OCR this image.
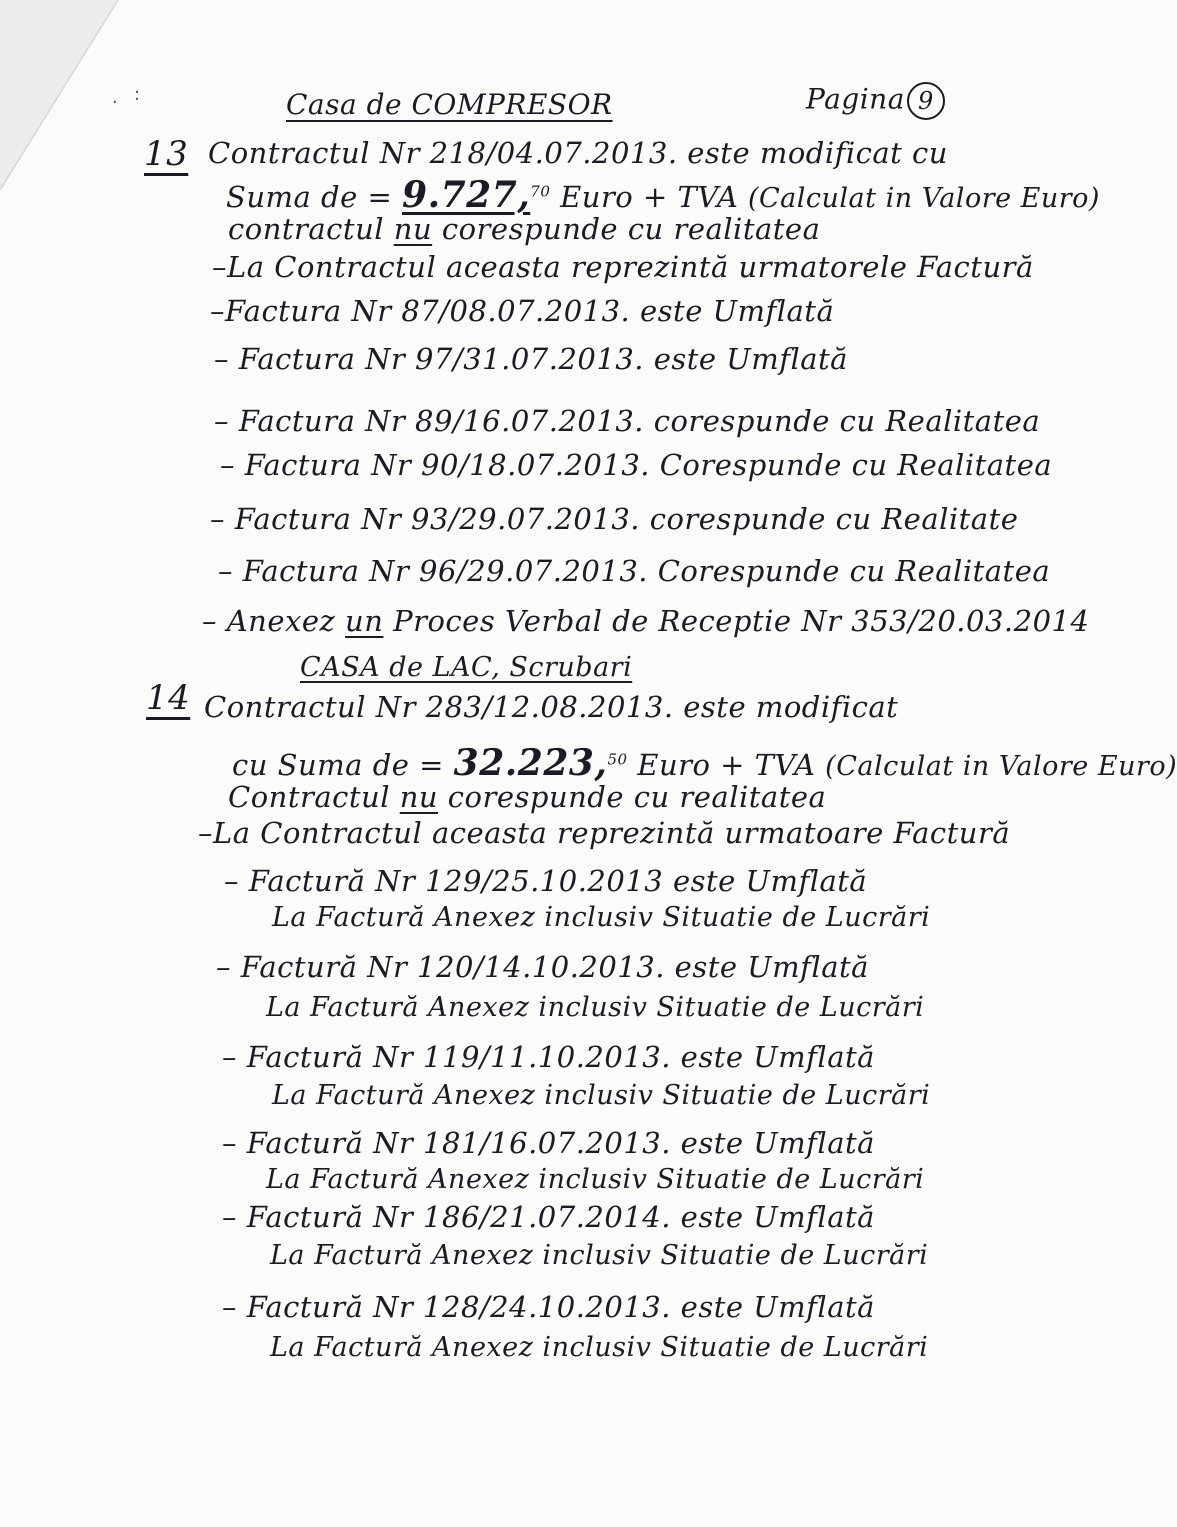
:
·	Casa de COMPRESOR	Pagina 9
13 Contractul Nr 218/04.07.2013. este modificat cu
Suma de = 9.727,70 Euro + TVA (Calculat in Valore Euro)
contractul nu corespunde cu realitatea
–La Contractul aceasta reprezintă urmatorele Factură
–Factura Nr 87/08.07.2013. este Umflată
– Factura Nr 97/31.07.2013. este Umflată
– Factura Nr 89/16.07.2013. corespunde cu Realitatea
– Factura Nr 90/18.07.2013. Corespunde cu Realitatea
– Factura Nr 93/29.07.2013. corespunde cu Realitate
– Factura Nr 96/29.07.2013. Corespunde cu Realitatea
– Anexez un Proces Verbal de Receptie Nr 353/20.03.2014
CASA de LAC, Scrubari
14 Contractul Nr 283/12.08.2013. este modificat
cu Suma de = 32.223,50 Euro + TVA (Calculat in Valore Euro)
Contractul nu corespunde cu realitatea
–La Contractul aceasta reprezintă urmatoare Factură
– Factură Nr 129/25.10.2013 este Umflată
La Factură Anexez inclusiv Situatie de Lucrări
– Factură Nr 120/14.10.2013. este Umflată
La Factură Anexez inclusiv Situatie de Lucrări
– Factură Nr 119/11.10.2013. este Umflată
La Factură Anexez inclusiv Situatie de Lucrări
– Factură Nr 181/16.07.2013. este Umflată
La Factură Anexez inclusiv Situatie de Lucrări
– Factură Nr 186/21.07.2014. este Umflată
La Factură Anexez inclusiv Situatie de Lucrări
– Factură Nr 128/24.10.2013. este Umflată
La Factură Anexez inclusiv Situatie de Lucrări
